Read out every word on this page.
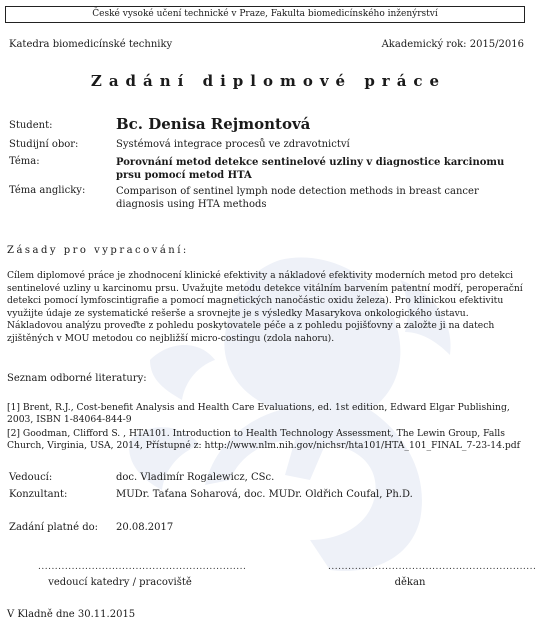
České vysoké učení technické v Praze, Fakulta biomedicínského inženýrství
Katedra biomedicínské techniky	Akademický rok: 2015/2016
Zadání diplomové práce
Student:	Bc. Denisa Rejmontová
Studijní obor:	Systémová integrace procesů ve zdravotnictví
Téma:	Porovnání metod detekce sentinelové uzliny v diagnostice karcinomu prsu pomocí metod HTA
Téma anglicky:	Comparison of sentinel lymph node detection methods in breast cancer diagnosis using HTA methods
Zásady pro vypracování:
Cílem diplomové práce je zhodnocení klinické efektivity a nákladové efektivity moderních metod pro detekci sentinelové uzliny u karcinomu prsu. Uvažujte metodu detekce vitálním barvením patentní modří, peroperační detekci pomocí lymfoscintigrafie a pomocí magnetických nanočástic oxidu železa). Pro klinickou efektivitu využijte údaje ze systematické rešerše a srovnejte je s výsledky Masarykova onkologického ústavu. Nákladovou analýzu proveďte z pohledu poskytovatele péče a z pohledu pojišťovny a založte ji na datech zjištěných v MOU metodou co nejbližší micro-costingu (zdola nahoru).
Seznam odborné literatury:
[1] Brent, R.J., Cost-benefit Analysis and Health Care Evaluations, ed. 1st edition, Edward Elgar Publishing, 2003, ISBN 1-84064-844-9
[2] Goodman, Clifford S. , HTA101. Introduction to Health Technology Assessment, The Lewin Group, Falls Church, Virginia, USA, 2014, Přístupné z: http://www.nlm.nih.gov/nichsr/hta101/HTA_101_FINAL_7-23-14.pdf
Vedoucí:	doc. Vladimír Rogalewicz, CSc.
Konzultant:	MUDr. Taťana Soharová, doc. MUDr. Oldřich Coufal, Ph.D.
Zadání platné do: 20.08.2017
..............................................................	..............................................................
vedoucí katedry / pracoviště	děkan
V Kladně dne 30.11.2015
